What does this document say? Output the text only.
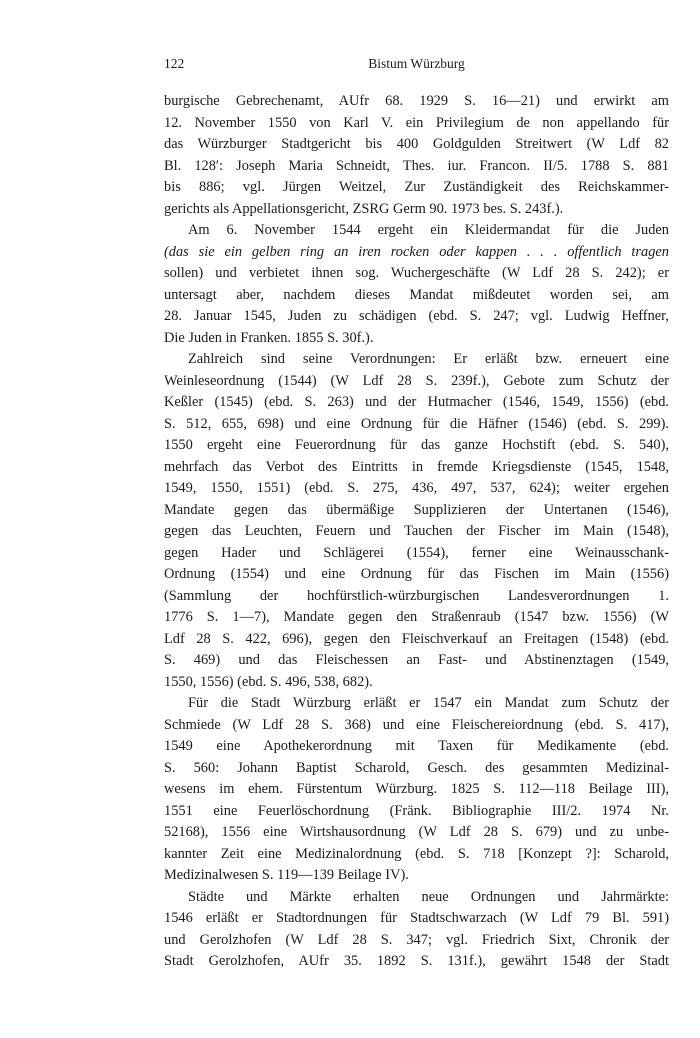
122	Bistum Würzburg
burgische Gebrechenamt, AUfr 68. 1929 S. 16—21) und erwirkt am
12. November 1550 von Karl V. ein Privilegium de non appellando für
das Würzburger Stadtgericht bis 400 Goldgulden Streitwert (W Ldf 82
Bl. 128′: Joseph Maria Schneidt, Thes. iur. Francon. II/5. 1788 S. 881
bis 886; vgl. Jürgen Weitzel, Zur Zuständigkeit des Reichskammer-
gerichts als Appellationsgericht, ZSRG Germ 90. 1973 bes. S. 243f.).
Am 6. November 1544 ergeht ein Kleidermandat für die Juden
(das sie ein gelben ring an iren rocken oder kappen . . . offentlich tragen
sollen) und verbietet ihnen sog. Wuchergeschäfte (W Ldf 28 S. 242); er
untersagt aber, nachdem dieses Mandat mißdeutet worden sei, am
28. Januar 1545, Juden zu schädigen (ebd. S. 247; vgl. Ludwig Heffner,
Die Juden in Franken. 1855 S. 30f.).
Zahlreich sind seine Verordnungen: Er erläßt bzw. erneuert eine
Weinleseordnung (1544) (W Ldf 28 S. 239f.), Gebote zum Schutz der
Keßler (1545) (ebd. S. 263) und der Hutmacher (1546, 1549, 1556) (ebd.
S. 512, 655, 698) und eine Ordnung für die Häfner (1546) (ebd. S. 299).
1550 ergeht eine Feuerordnung für das ganze Hochstift (ebd. S. 540),
mehrfach das Verbot des Eintritts in fremde Kriegsdienste (1545, 1548,
1549, 1550, 1551) (ebd. S. 275, 436, 497, 537, 624); weiter ergehen
Mandate gegen das übermäßige Supplizieren der Untertanen (1546),
gegen das Leuchten, Feuern und Tauchen der Fischer im Main (1548),
gegen Hader und Schlägerei (1554), ferner eine Weinausschank-
Ordnung (1554) und eine Ordnung für das Fischen im Main (1556)
(Sammlung der hochfürstlich-würzburgischen Landesverordnungen 1.
1776 S. 1—7), Mandate gegen den Straßenraub (1547 bzw. 1556) (W
Ldf 28 S. 422, 696), gegen den Fleischverkauf an Freitagen (1548) (ebd.
S. 469) und das Fleischessen an Fast- und Abstinenztagen (1549,
1550, 1556) (ebd. S. 496, 538, 682).
Für die Stadt Würzburg erläßt er 1547 ein Mandat zum Schutz der
Schmiede (W Ldf 28 S. 368) und eine Fleischereiordnung (ebd. S. 417),
1549 eine Apothekerordnung mit Taxen für Medikamente (ebd.
S. 560: Johann Baptist Scharold, Gesch. des gesammten Medizinal-
wesens im ehem. Fürstentum Würzburg. 1825 S. 112—118 Beilage III),
1551 eine Feuerlöschordnung (Fränk. Bibliographie III/2. 1974 Nr.
52168), 1556 eine Wirtshausordnung (W Ldf 28 S. 679) und zu unbe-
kannter Zeit eine Medizinalordnung (ebd. S. 718 [Konzept ?]: Scharold,
Medizinalwesen S. 119—139 Beilage IV).
Städte und Märkte erhalten neue Ordnungen und Jahrmärkte:
1546 erläßt er Stadtordnungen für Stadtschwarzach (W Ldf 79 Bl. 591)
und Gerolzhofen (W Ldf 28 S. 347; vgl. Friedrich Sixt, Chronik der
Stadt Gerolzhofen, AUfr 35. 1892 S. 131f.), gewährt 1548 der Stadt
